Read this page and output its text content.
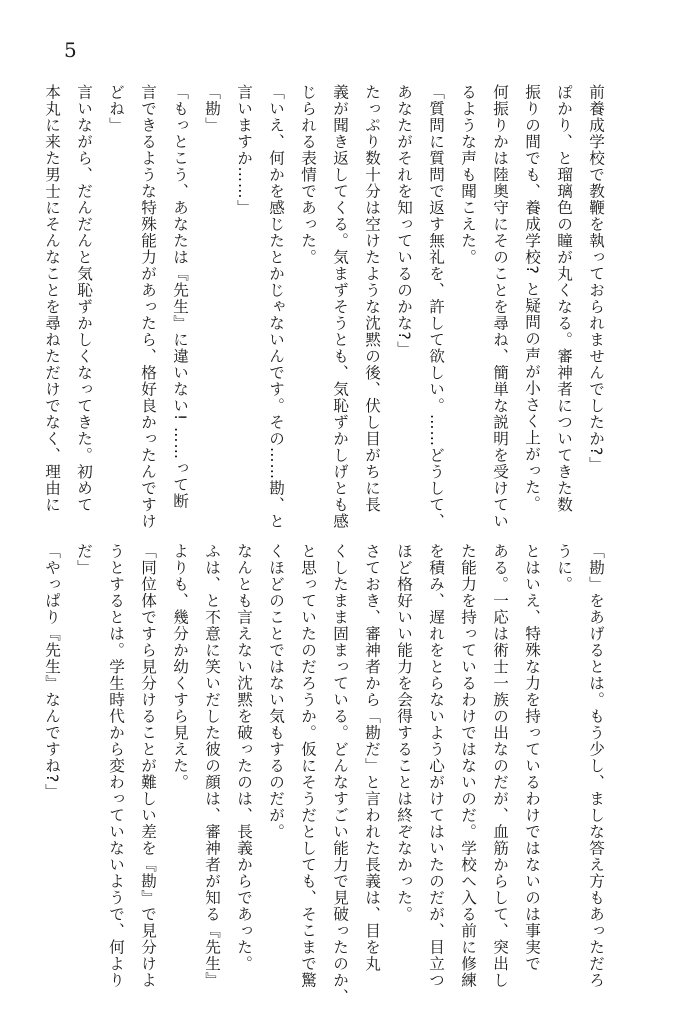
5
前養成学校で教鞭を執っておられませんでしたか?」
ぽかり、と瑠璃色の瞳が丸くなる。審神者についてきた数
振りの間でも、養成学校? と疑問の声が小さく上がった。
何振りかは陸奥守にそのことを尋ね、簡単な説明を受けてい
るような声も聞こえた。
「質問に質問で返す無礼を、許して欲しい。……どうして、
あなたがそれを知っているのかな?」
たっぷり数十分は空けたような沈黙の後、伏し目がちに長
義が聞き返してくる。気まずそうとも、気恥ずかしげとも感
じられる表情であった。
「いえ、何かを感じたとかじゃないんです。その……勘、と
言いますか……」
「勘」
「もっとこう、あなたは『先生』に違いない! ……って断
言できるような特殊能力があったら、格好良かったんですけ
どね」
言いながら、だんだんと気恥ずかしくなってきた。初めて
本丸に来た男士にそんなことを尋ねただけでなく、理由に
「勘」をあげるとは。もう少し、ましな答え方もあっただろ
うに。
とはいえ、特殊な力を持っているわけではないのは事実で
ある。一応は術士一族の出なのだが、血筋からして、突出し
た能力を持っているわけではないのだ。学校へ入る前に修練
を積み、遅れをとらないよう心がけてはいたのだが、目立つ
ほど格好いい能力を会得することは終ぞなかった。
さておき、審神者から「勘だ」と言われた長義は、目を丸
くしたまま固まっている。どんなすごい能力で見破ったのか、
と思っていたのだろうか。仮にそうだとしても、そこまで驚
くほどのことではない気もするのだが。
なんとも言えない沈黙を破ったのは、長義からであった。
ふは、と不意に笑いだした彼の顔は、審神者が知る『先生』
よりも、幾分か幼くすら見えた。
「同位体ですら見分けることが難しい差を『勘』で見分けよ
うとするとは。学生時代から変わっていないようで、何より
だ」
「やっぱり『先生』なんですね?」
